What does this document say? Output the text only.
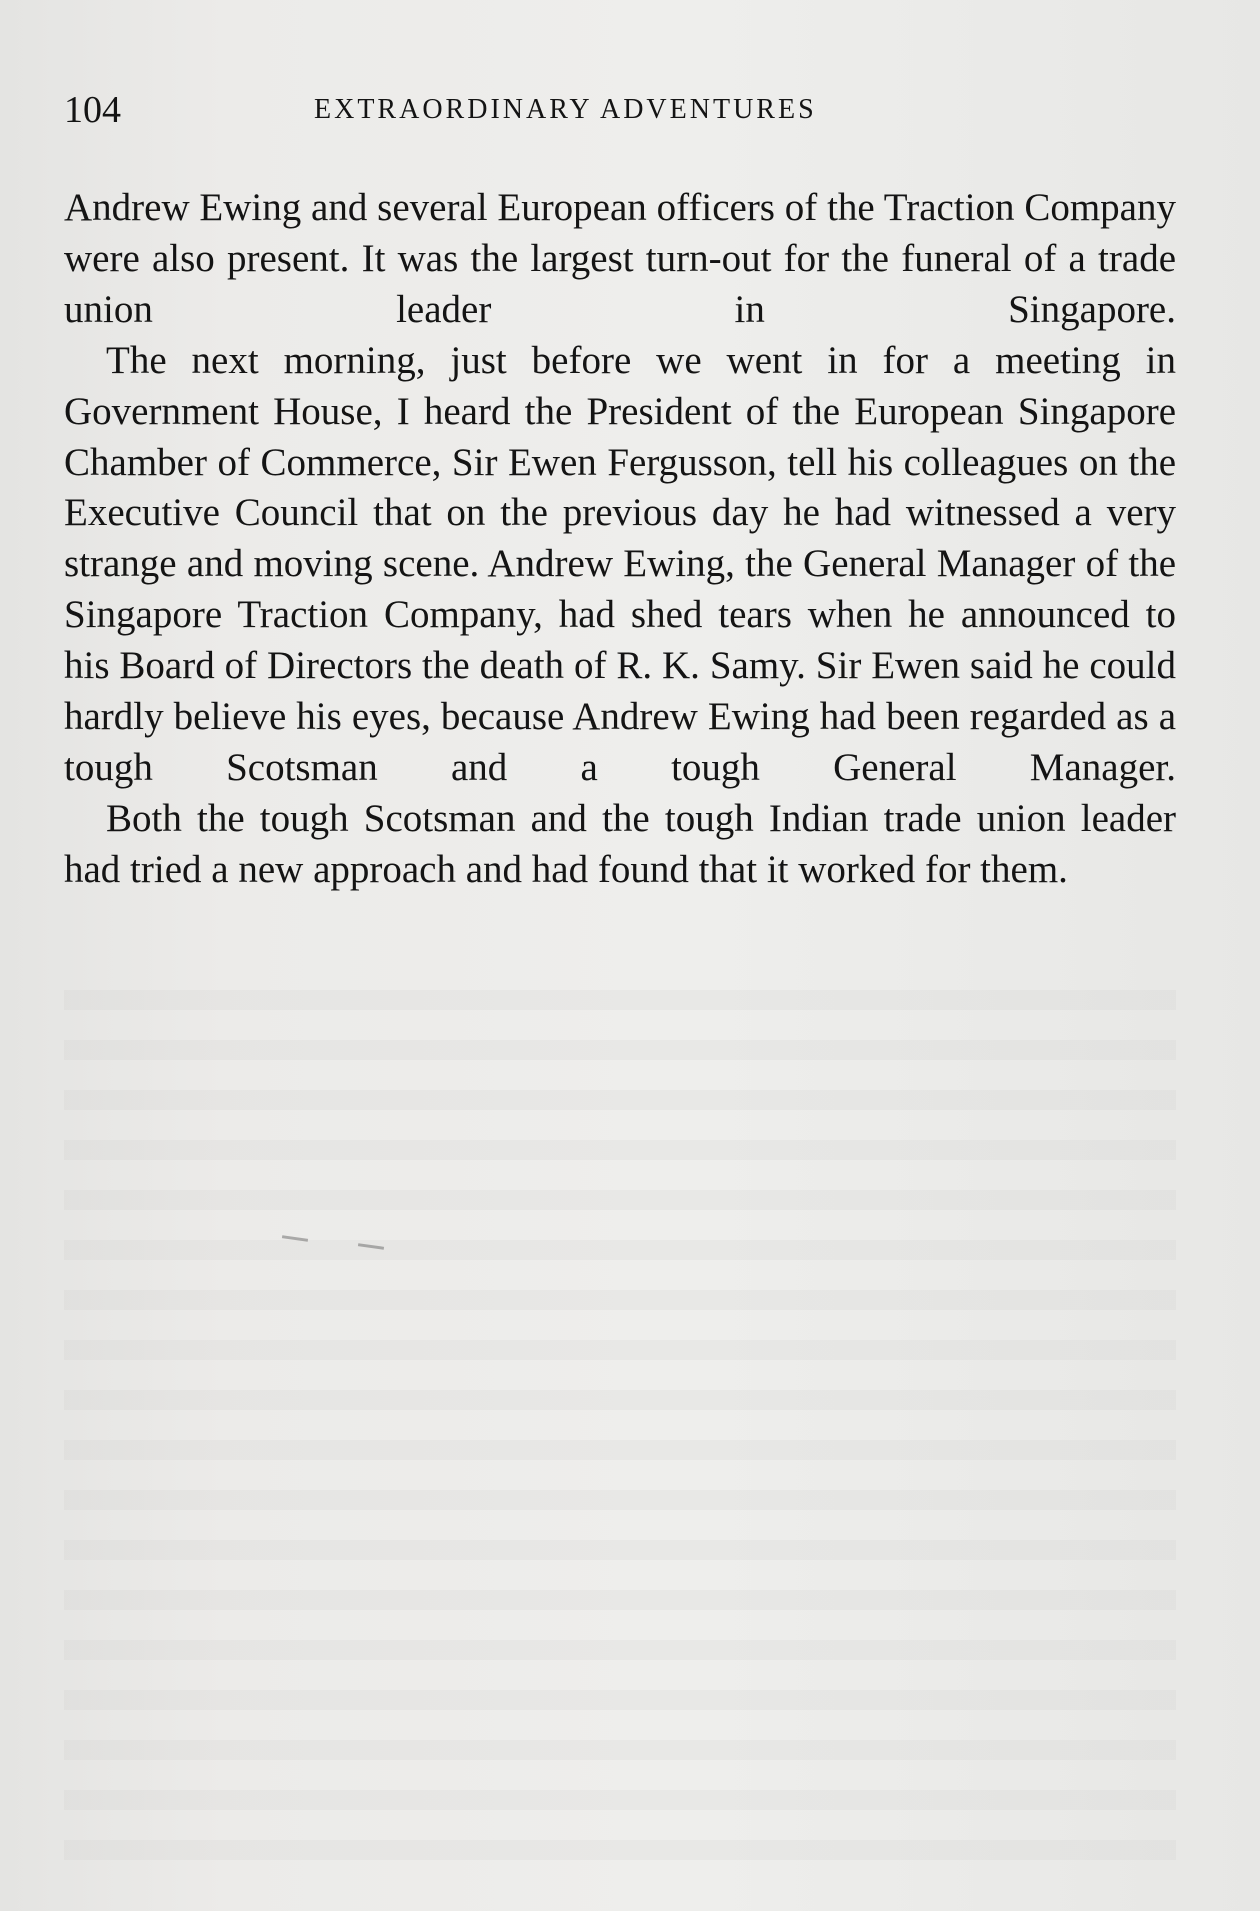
104	EXTRAORDINARY ADVENTURES

Andrew Ewing and several European officers of the Traction Company were also present. It was the largest turn-out for the funeral of a trade union leader in Singapore.

The next morning, just before we went in for a meeting in Government House, I heard the President of the European Singapore Chamber of Commerce, Sir Ewen Fergusson, tell his colleagues on the Executive Council that on the previous day he had witnessed a very strange and moving scene. Andrew Ewing, the General Manager of the Singapore Traction Company, had shed tears when he announced to his Board of Directors the death of R. K. Samy. Sir Ewen said he could hardly believe his eyes, because Andrew Ewing had been regarded as a tough Scotsman and a tough General Manager.

Both the tough Scotsman and the tough Indian trade union leader had tried a new approach and had found that it worked for them.
